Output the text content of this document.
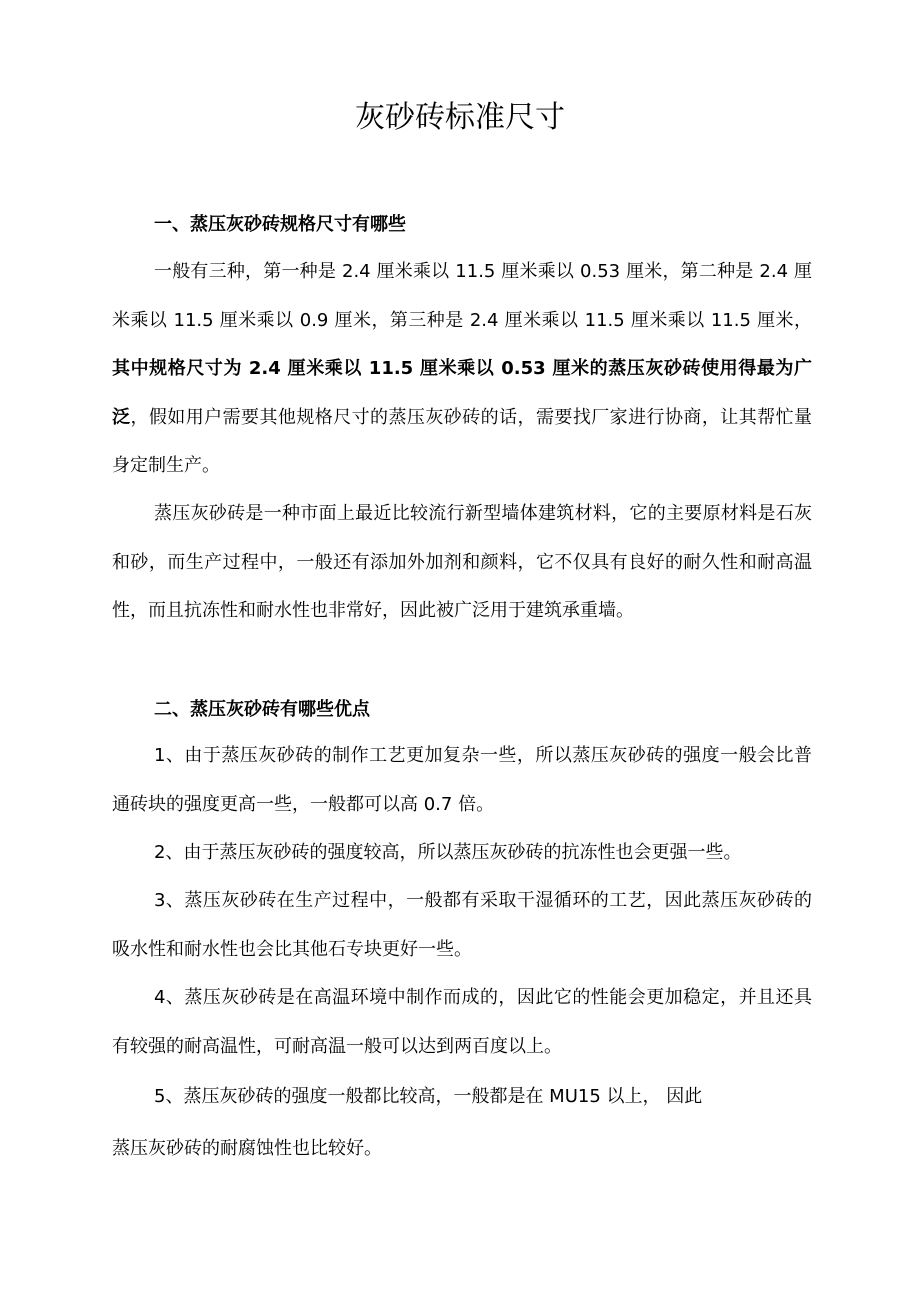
灰砂砖标准尺寸
一、蒸压灰砂砖规格尺寸有哪些

一般有三种，第一种是 2.4 厘米乘以 11.5 厘米乘以 0.53 厘米，第二种是 2.4 厘米乘以 11.5 厘米乘以 0.9 厘米，第三种是 2.4 厘米乘以 11.5 厘米乘以 11.5 厘米，其中规格尺寸为 2.4 厘米乘以 11.5 厘米乘以 0.53 厘米的蒸压灰砂砖使用得最为广泛，假如用户需要其他规格尺寸的蒸压灰砂砖的话，需要找厂家进行协商，让其帮忙量身定制生产。

蒸压灰砂砖是一种市面上最近比较流行新型墙体建筑材料，它的主要原材料是石灰和砂，而生产过程中，一般还有添加外加剂和颜料，它不仅具有良好的耐久性和耐高温性，而且抗冻性和耐水性也非常好，因此被广泛用于建筑承重墙。

二、蒸压灰砂砖有哪些优点

1、由于蒸压灰砂砖的制作工艺更加复杂一些，所以蒸压灰砂砖的强度一般会比普通砖块的强度更高一些，一般都可以高 0.7 倍。

2、由于蒸压灰砂砖的强度较高，所以蒸压灰砂砖的抗冻性也会更强一些。

3、蒸压灰砂砖在生产过程中，一般都有采取干湿循环的工艺，因此蒸压灰砂砖的吸水性和耐水性也会比其他石专块更好一些。

4、蒸压灰砂砖是在高温环境中制作而成的，因此它的性能会更加稳定，并且还具有较强的耐高温性，可耐高温一般可以达到两百度以上。

5、蒸压灰砂砖的强度一般都比较高，一般都是在 MU15 以上， 因此

蒸压灰砂砖的耐腐蚀性也比较好。
